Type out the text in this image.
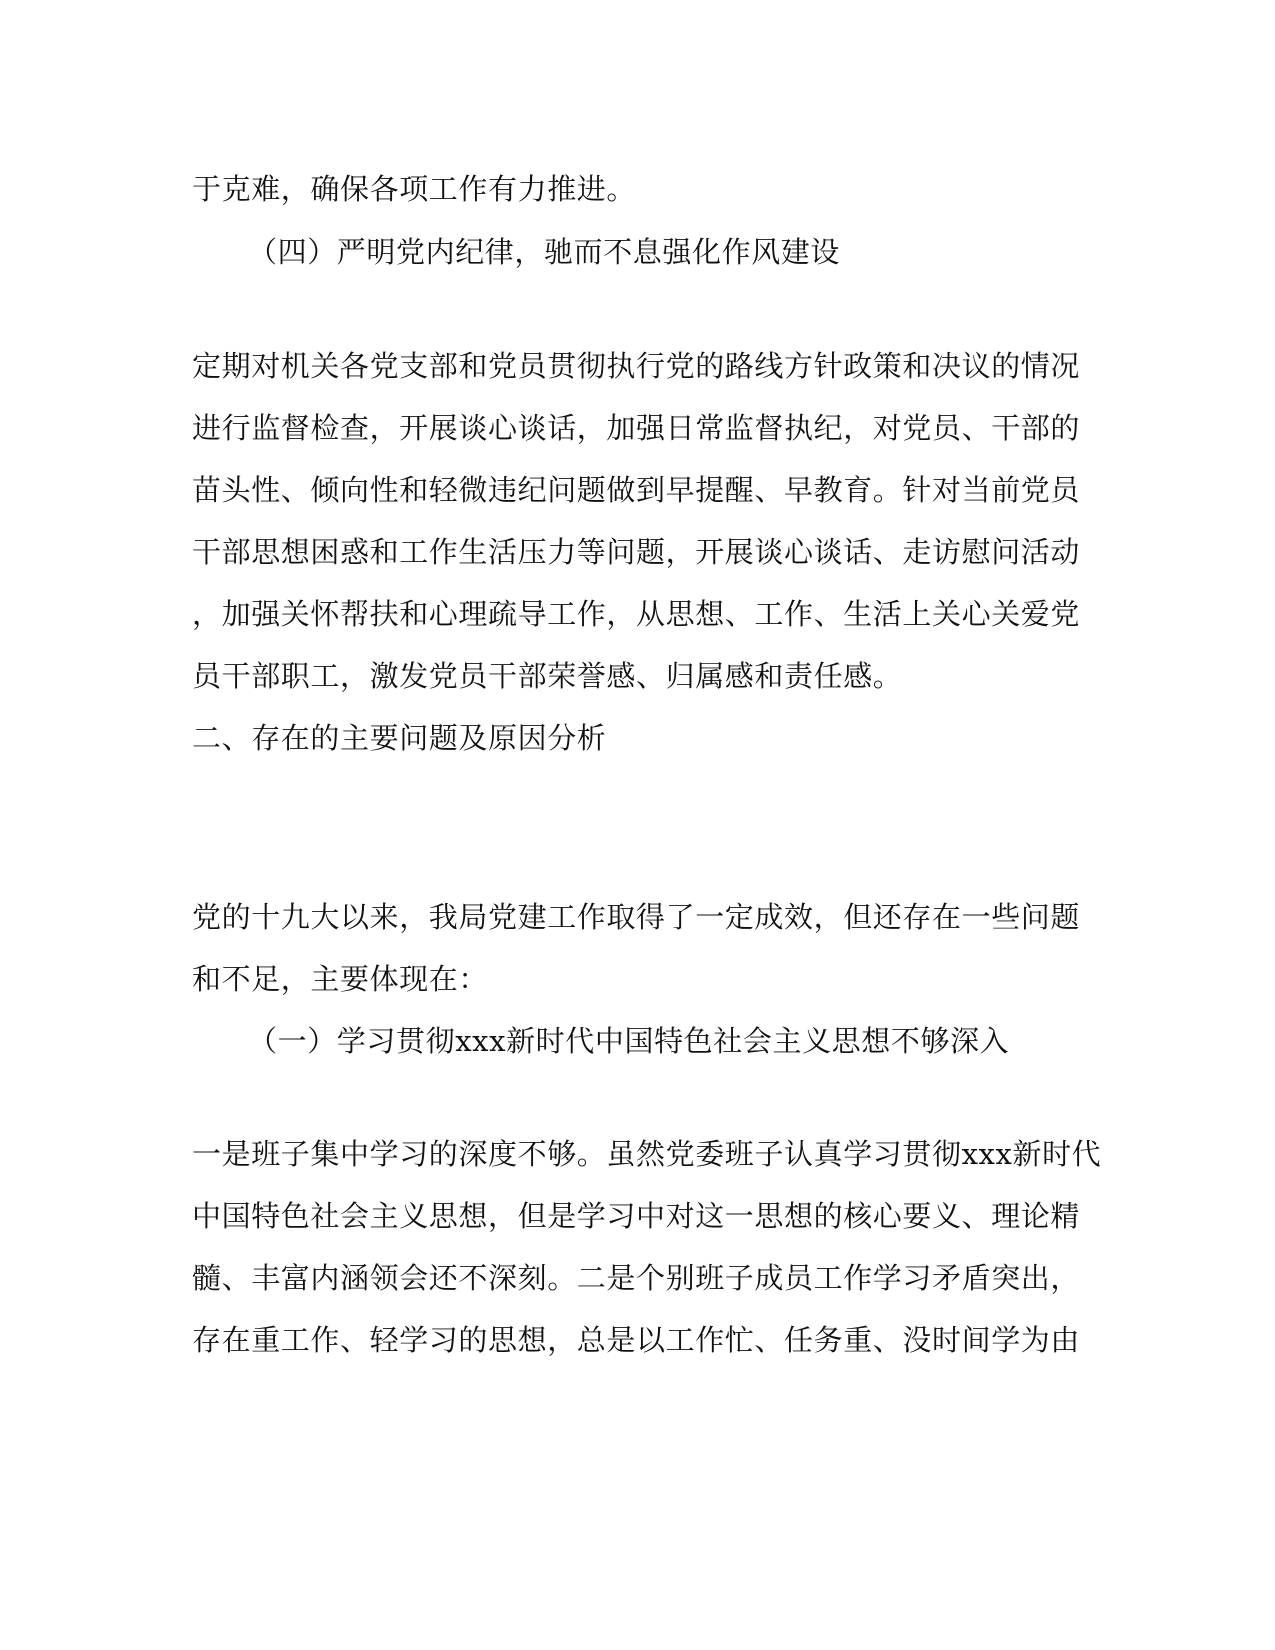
于克难，确保各项工作有力推进。
（四）严明党内纪律，驰而不息强化作风建设
定期对机关各党支部和党员贯彻执行党的路线方针政策和决议的情况
进行监督检查，开展谈心谈话，加强日常监督执纪，对党员、干部的
苗头性、倾向性和轻微违纪问题做到早提醒、早教育。针对当前党员
干部思想困惑和工作生活压力等问题，开展谈心谈话、走访慰问活动
，加强关怀帮扶和心理疏导工作，从思想、工作、生活上关心关爱党
员干部职工，激发党员干部荣誉感、归属感和责任感。
二、存在的主要问题及原因分析
党的十九大以来，我局党建工作取得了一定成效，但还存在一些问题
和不足，主要体现在：
（一）学习贯彻xxx新时代中国特色社会主义思想不够深入
一是班子集中学习的深度不够。虽然党委班子认真学习贯彻xxx新时代
中国特色社会主义思想，但是学习中对这一思想的核心要义、理论精
髓、丰富内涵领会还不深刻。二是个别班子成员工作学习矛盾突出，
存在重工作、轻学习的思想，总是以工作忙、任务重、没时间学为由
